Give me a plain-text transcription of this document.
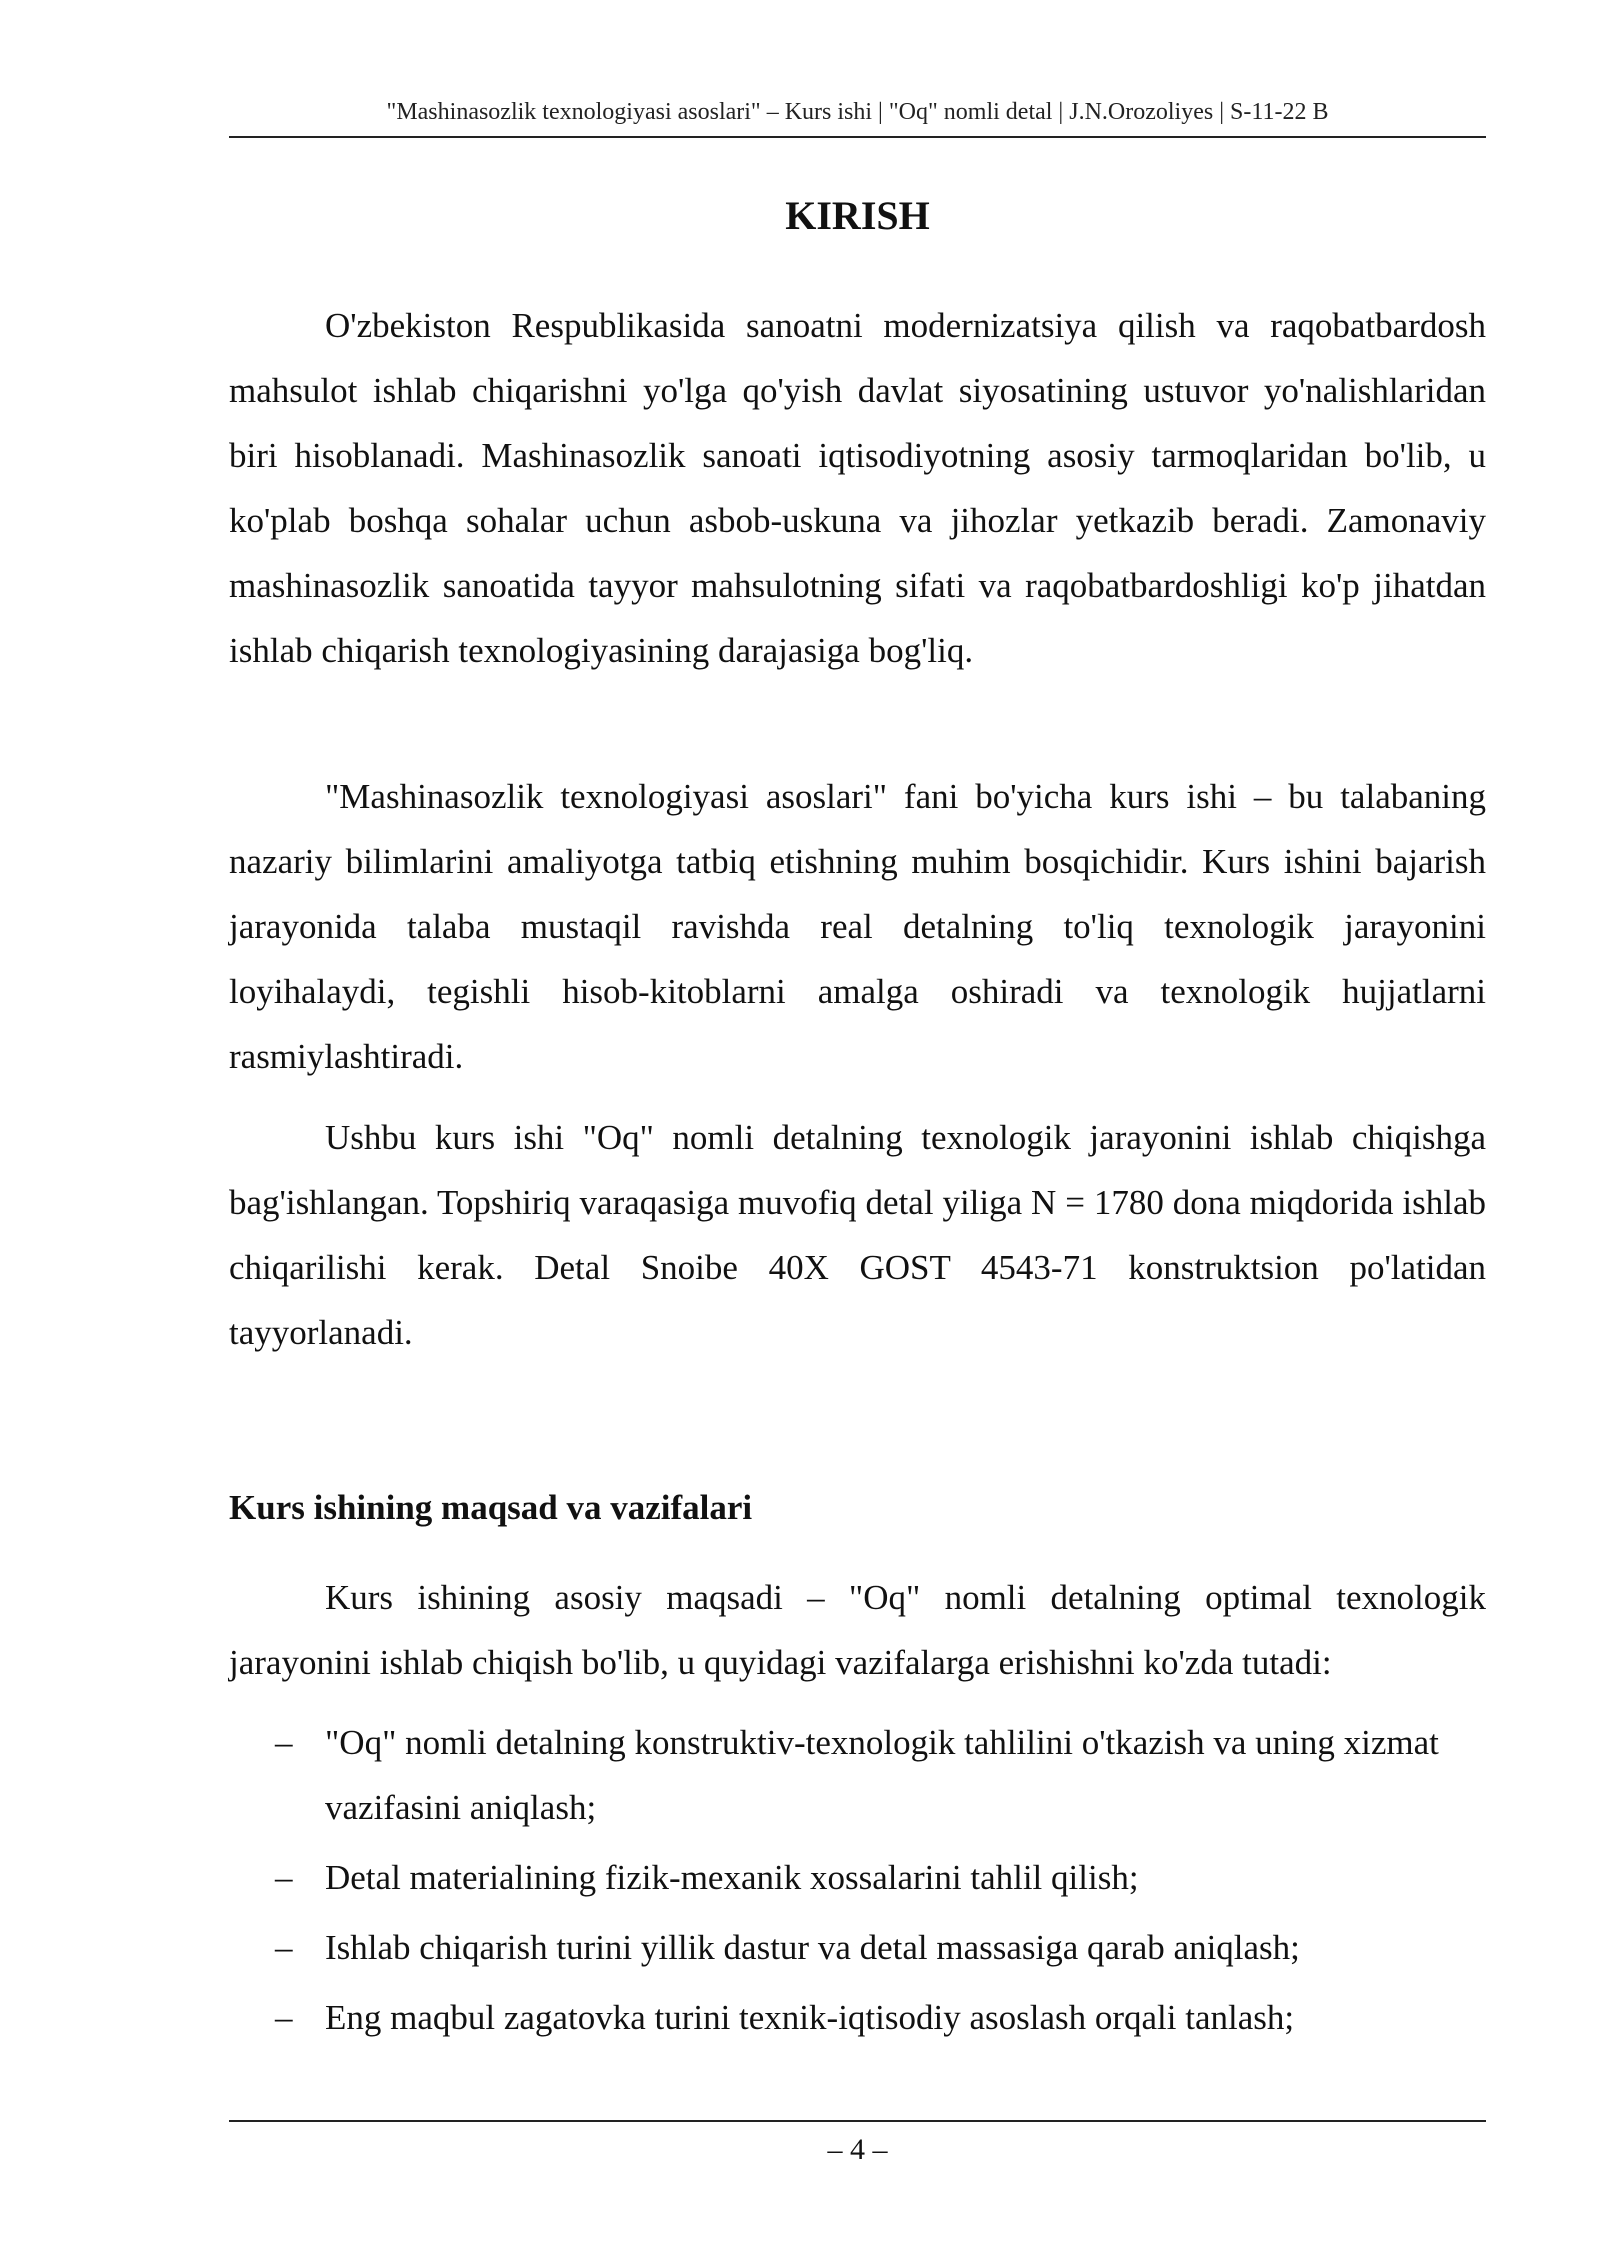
"Mashinasozlik texnologiyasi asoslari" – Kurs ishi | "Oq" nomli detal | J.N.Orozoliyes | S-11-22 B
KIRISH

O'zbekiston Respublikasida sanoatni modernizatsiya qilish va raqobatbardosh mahsulot ishlab chiqarishni yo'lga qo'yish davlat siyosatining ustuvor yo'nalishlaridan biri hisoblanadi. Mashinasozlik sanoati iqtisodiyotning asosiy tarmoqlaridan bo'lib, u ko'plab boshqa sohalar uchun asbob-uskuna va jihozlar yetkazib beradi. Zamonaviy mashinasozlik sanoatida tayyor mahsulotning sifati va raqobatbardoshligi ko'p jihatdan ishlab chiqarish texnologiyasining darajasiga bog'liq.

"Mashinasozlik texnologiyasi asoslari" fani bo'yicha kurs ishi – bu talabaning nazariy bilimlarini amaliyotga tatbiq etishning muhim bosqichidir. Kurs ishini bajarish jarayonida talaba mustaqil ravishda real detalning to'liq texnologik jarayonini loyihalaydi, tegishli hisob-kitoblarni amalga oshiradi va texnologik hujjatlarni rasmiylashtiradi.

Ushbu kurs ishi "Oq" nomli detalning texnologik jarayonini ishlab chiqishga bag'ishlangan. Topshiriq varaqasiga muvofiq detal yiliga N = 1780 dona miqdorida ishlab chiqarilishi kerak. Detal Snoibe 40X GOST 4543-71 konstruktsion po'latidan tayyorlanadi.

Kurs ishining maqsad va vazifalari

Kurs ishining asosiy maqsadi – "Oq" nomli detalning optimal texnologik jarayonini ishlab chiqish bo'lib, u quyidagi vazifalarga erishishni ko'zda tutadi:

– "Oq" nomli detalning konstruktiv-texnologik tahlilini o'tkazish va uning xizmat vazifasini aniqlash;
– Detal materialining fizik-mexanik xossalarini tahlil qilish;
– Ishlab chiqarish turini yillik dastur va detal massasiga qarab aniqlash;
– Eng maqbul zagatovka turini texnik-iqtisodiy asoslash orqali tanlash;
– 4 –
